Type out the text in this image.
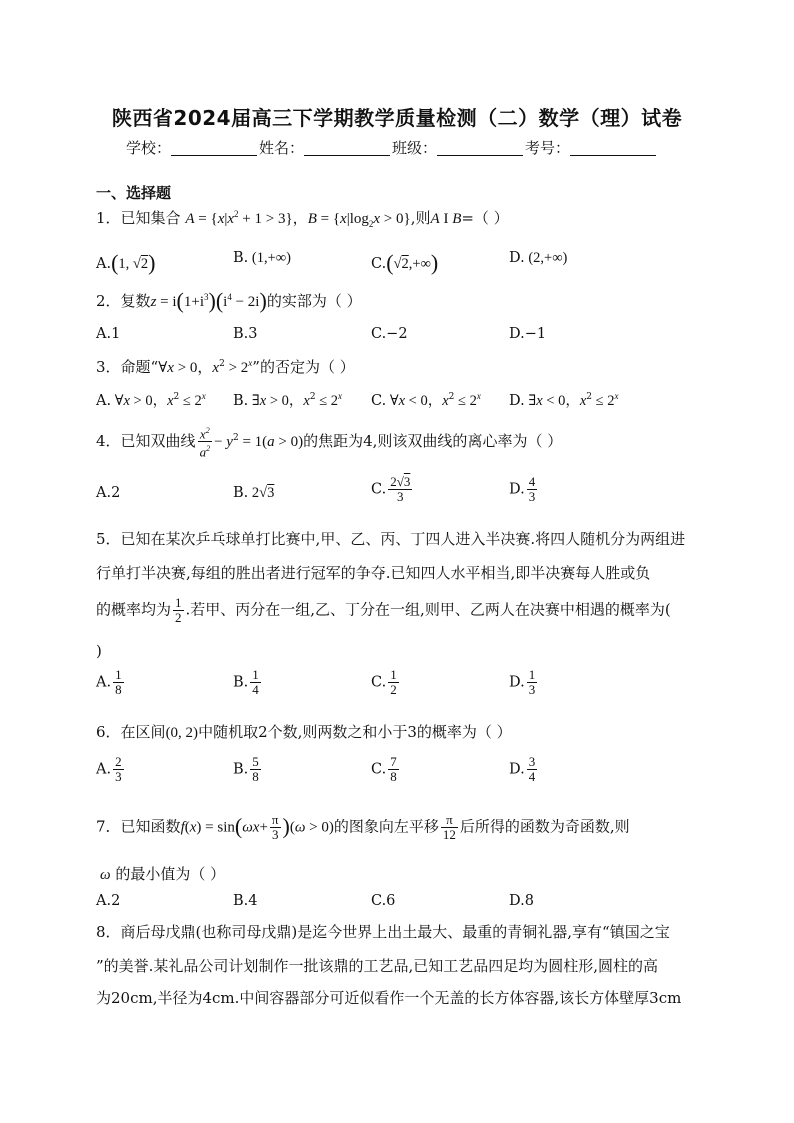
陕西省2024届高三下学期教学质量检测（二）数学（理）试卷
学校：	姓名：	班级：	考号：
一、选择题
1．已知集合 $A = \{x|x^2 + 1 > 3\}$，$B = \{x|\log_2x > 0\}$,则A I B=（ ）
A.(1, √2)	B. (1,+∞)	C.(√2,+∞)	D. (2,+∞)
2．复数$z = i(1+i^3)(i^4 - 2i)$的实部为（ ）
A.1	B.3	C.−2	D.−1
3．命题“∀x > 0，$x^2 > 2^x$”的否定为（ ）
A. ∀x > 0，$x^2 \le 2^x$ B. ∃x > 0，$x^2 \le 2^x$ C. ∀x < 0，$x^2 \le 2^x$ D. ∃x < 0，$x^2 \le 2^x$
4．已知双曲线 $\frac{x^2}{a^2} - y^2 = 1(a > 0)$的焦距为4,则该双曲线的离心率为（ ）
A.2	B. 2√3	C. $\frac{2√3}{3}$	D. $\frac{4}{3}$
5．已知在某次乒乓球单打比赛中,甲、乙、丙、丁四人进入半决赛.将四人随机分为两组进
行单打半决赛,每组的胜出者进行冠军的争夺.已知四人水平相当,即半决赛每人胜或负
的概率均为 $\frac{1}{2}$ .若甲、丙分在一组,乙、丁分在一组,则甲、乙两人在决赛中相遇的概率为(
)
A. $\frac{1}{8}$	B. $\frac{1}{4}$	C. $\frac{1}{2}$	D. $\frac{1}{3}$
6．在区间(0, 2)中随机取2个数,则两数之和小于3的概率为（ ）
A. $\frac{2}{3}$	B. $\frac{5}{8}$	C. $\frac{7}{8}$	D. $\frac{3}{4}$
7．已知函数$f(x) = \sin(\omega x+ \frac{\pi}{3} )(\omega > 0)$的图象向左平移 $\frac{\pi}{12}$ 后所得的函数为奇函数,则
ω 的最小值为（ ）
A.2	B.4	C.6	D.8
8．商后母戊鼎(也称司母戊鼎)是迄今世界上出土最大、最重的青铜礼器,享有“镇国之宝
”的美誉.某礼品公司计划制作一批该鼎的工艺品,已知工艺品四足均为圆柱形,圆柱的高
为20cm,半径为4cm.中间容器部分可近似看作一个无盖的长方体容器,该长方体壁厚3cm
